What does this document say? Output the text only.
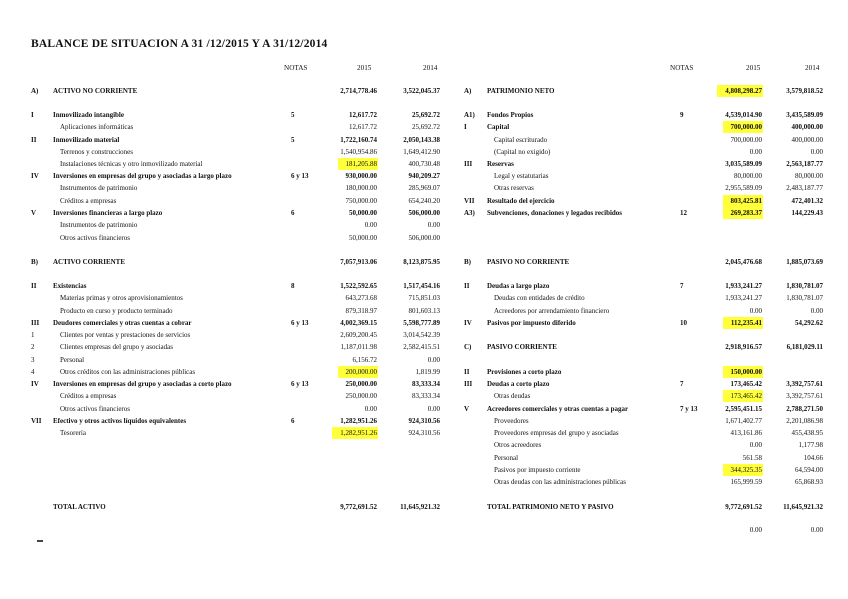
BALANCE DE SITUACION A 31 /12/2015 Y A 31/12/2014
NOTAS	2015	2014	NOTAS	2015	2014
A) ACTIVO NO CORRIENTE	2,714,778.46	3,522,045.37
I	Inmovilizado intangible	5	12,617.72	25,692.72
Aplicaciones informáticas	12,617.72	25,692.72
II Inmovilizado material	5	1,722,160.74	2,050,143.38
Terrenos y construcciones	1,540,954.86	1,649,412.90
Instalaciones técnicas y otro inmovilizado material	181,205.88	400,730.48
IV Inversiones en empresas del grupo y asociadas a largo plazo	6 y 13	930,000.00	940,209.27
Instrumentos de patrimonio	180,000.00	285,969.07
Créditos a empresas	750,000.00	654,240.20
V Inversiones financieras a largo plazo	6	50,000.00	506,000.00
Instrumentos de patrimonio	0.00	0.00
Otros activos financieros	50,000.00	506,000.00
B) ACTIVO CORRIENTE	7,057,913.06	8,123,875.95
II Existencias	8	1,522,592.65	1,517,454.16
Materias primas y otros aprovisionamientos	643,273.68	715,851.03
Producto en curso y producto terminado	879,318.97	801,603.13
III Deudores comerciales y otras cuentas a cobrar	6 y 13	4,002,369.15	5,598,777.89
1	Clientes por ventas y prestaciones de servicios	2,609,200.45	3,014,542.39
2	Clientes empresas del grupo y asociadas	1,187,011.98	2,582,415.51
3	Personal	6,156.72	0.00
4	Otros créditos con las administraciones públicas	200,000.00	1,819.99
IV Inversiones en empresas del grupo y asociadas a corto plazo	6 y 13	250,000.00	83,333.34
Créditos a empresas	250,000.00	83,333.34
Otros activos financieros	0.00	0.00
VII Efectivo y otros activos líquidos equivalentes	6	1,282,951.26	924,310.56
Tesorería	1,282,951.26	924,310.56
TOTAL ACTIVO	9,772,691.52	11,645,921.32
A) PATRIMONIO NETO	4,808,298.27	3,579,818.52
A1) Fondos Propios	9	4,539,014.90	3,435,589.09
I	Capital	700,000.00	400,000.00
Capital escriturado	700,000.00	400,000.00
(Capital no exigido)	0.00	0.00
III Reservas	3,035,589.09	2,563,187.77
Legal y estatutarias	80,000.00	80,000.00
Otras reservas	2,955,589.09	2,483,187.77
VII Resultado del ejercicio	803,425.81	472,401.32
A3) Subvenciones, donaciones y legados recibidos	12	269,283.37	144,229.43
B) PASIVO NO CORRIENTE	2,045,476.68	1,885,073.69
II	Deudas a largo plazo	7	1,933,241.27	1,830,781.07
Deudas con entidades de crédito	1,933,241.27	1,830,781.07
Acreedores por arrendamiento financiero	0.00	0.00
IV Pasivos por impuesto diferido	10	112,235.41	54,292.62
C) PASIVO CORRIENTE	2,918,916.57	6,181,029.11
II	Provisiones a corto plazo	150,000.00
III Deudas a corto plazo	7	173,465.42	3,392,757.61
Otras deudas	173,465.42	3,392,757.61
V	Acreedores comerciales y otras cuentas a pagar	7 y 13	2,595,451.15	2,788,271.50
Proveedores	1,671,402.77	2,201,086.98
Proveedores empresas del grupo y asociadas	413,161.86	455,438.95
Otros acreedores	0.00	1,177.98
Personal	561.58	104.66
Pasivos por impuesto corriente	344,325.35	64,594.00
Otras deudas con las administraciones públicas	165,999.59	65,868.93
TOTAL PATRIMONIO NETO Y PASIVO	9,772,691.52	11,645,921.32
0.00	0.00
